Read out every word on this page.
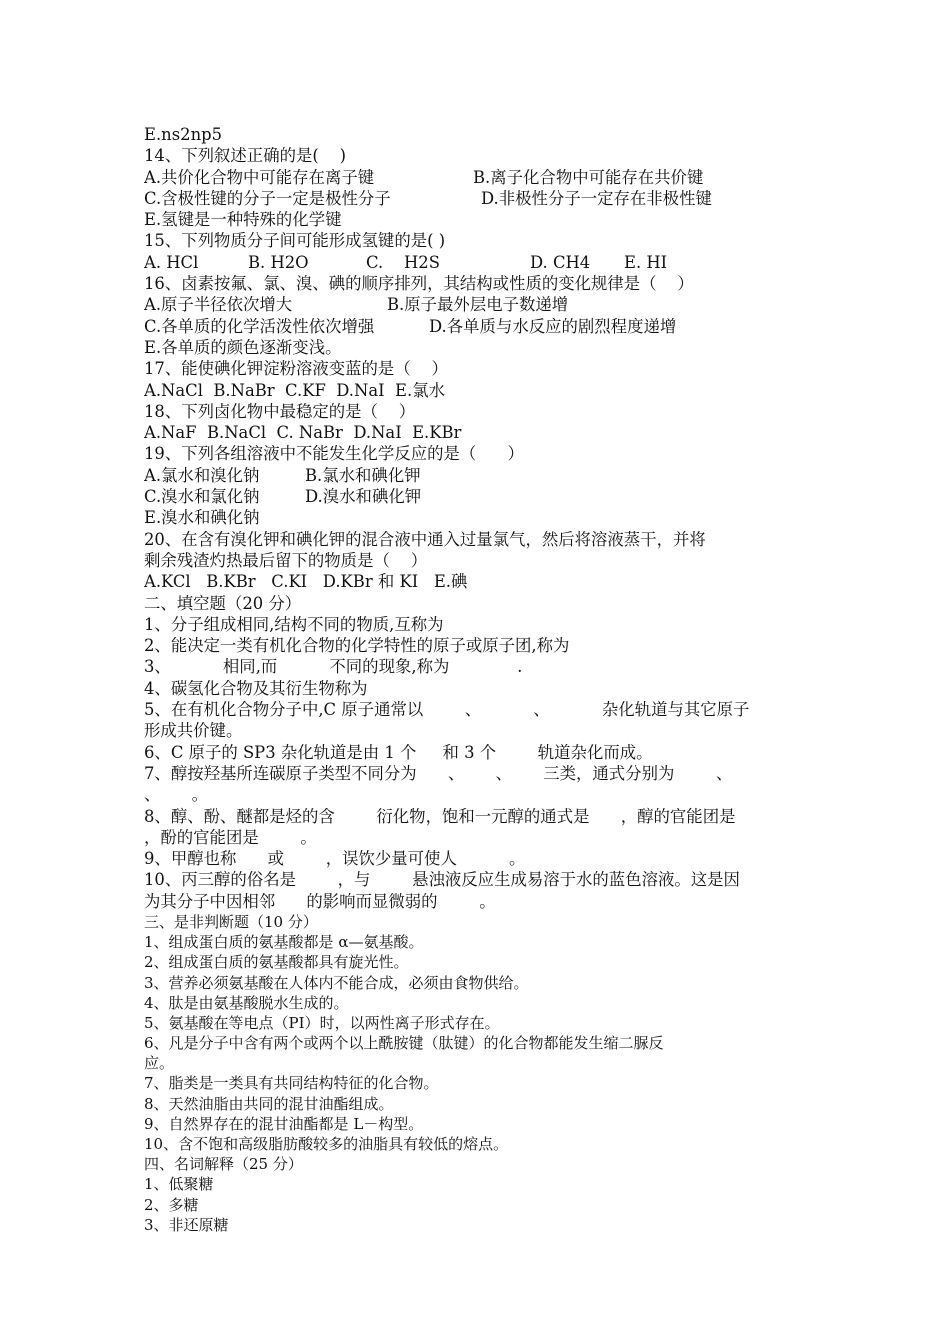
E.ns2np5
14、下列叙述正确的是(    )
A.共价化合物中可能存在离子键	B.离子化合物中可能存在共价键
C.含极性键的分子一定是极性分子	D.非极性分子一定存在非极性键
E.氢键是一种特殊的化学键
15、下列物质分子间可能形成氢键的是( )
A. HCl	B. H2O	C.    H2S	D. CH4	E. HI
16、卤素按氟、氯、溴、碘的顺序排列，其结构或性质的变化规律是（    ）
A.原子半径依次增大	B.原子最外层电子数递增
C.各单质的化学活泼性依次增强	D.各单质与水反应的剧烈程度递增
E.各单质的颜色逐渐变浅。
17、能使碘化钾淀粉溶液变蓝的是（    ）
A.NaCl  B.NaBr  C.KF  D.NaI  E.氯水
18、下列卤化物中最稳定的是（    ）
A.NaF  B.NaCl  C. NaBr  D.NaI  E.KBr
19、下列各组溶液中不能发生化学反应的是（      ）
A.氯水和溴化钠	B.氯水和碘化钾
C.溴水和氯化钠	D.溴水和碘化钾
E.溴水和碘化钠
20、在含有溴化钾和碘化钾的混合液中通入过量氯气，然后将溶液蒸干，并将
剩余残渣灼热最后留下的物质是（    ）
A.KCl   B.KBr   C.KI   D.KBr 和 KI   E.碘
二、填空题（20 分）
1、分子组成相同,结构不同的物质,互称为
2、能决定一类有机化合物的化学特性的原子或原子团,称为
3、          相同,而          不同的现象,称为             .
4、碳氢化合物及其衍生物称为
5、在有机化合物分子中,C 原子通常以        、          、          杂化轨道与其它原子
形成共价键。
6、C 原子的 SP3 杂化轨道是由 1 个     和 3 个        轨道杂化而成。
7、醇按羟基所连碳原子类型不同分为      、      、      三类，通式分别为        、
、      。
8、醇、酚、醚都是烃的含        衍化物，饱和一元醇的通式是      ，醇的官能团是
，酚的官能团是        。
9、甲醇也称      或        ，误饮少量可使人          。
10、丙三醇的俗名是        ，与        悬浊液反应生成易溶于水的蓝色溶液。这是因
为其分子中因相邻      的影响而显微弱的        。
三、是非判断题（10 分）
1、组成蛋白质的氨基酸都是 α—氨基酸。
2、组成蛋白质的氨基酸都具有旋光性。
3、营养必须氨基酸在人体内不能合成，必须由食物供给。
4、肽是由氨基酸脱水生成的。
5、氨基酸在等电点（PI）时，以两性离子形式存在。
6、凡是分子中含有两个或两个以上酰胺键（肽键）的化合物都能发生缩二脲反
应。
7、脂类是一类具有共同结构特征的化合物。
8、天然油脂由共同的混甘油酯组成。
9、自然界存在的混甘油酯都是 L－构型。
10、含不饱和高级脂肪酸较多的油脂具有较低的熔点。
四、名词解释（25 分）
1、低聚糖
2、多糖
3、非还原糖
